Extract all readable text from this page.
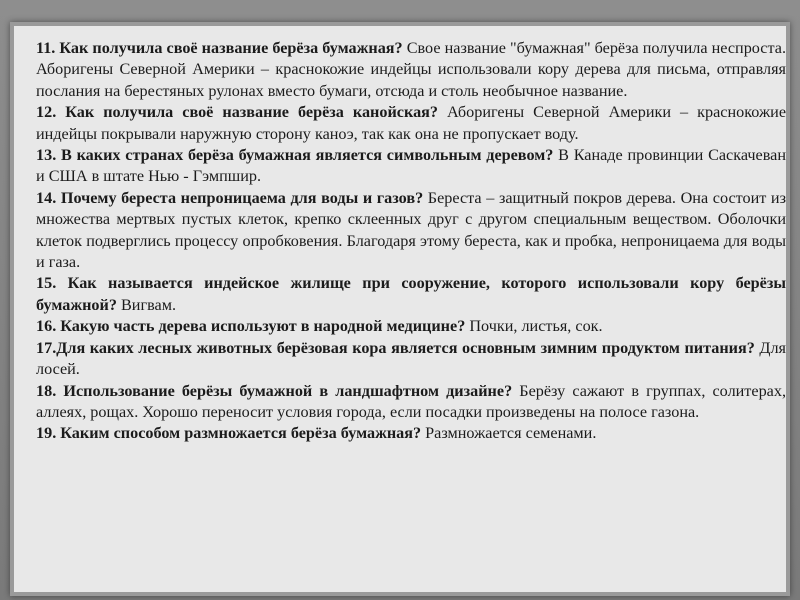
11. Как получила своё название берёза бумажная? Свое название "бумажная" берёза получила неспроста. Аборигены Северной Америки – краснокожие индейцы использовали кору дерева для письма, отправляя послания на берестяных рулонах вместо бумаги, отсюда и столь необычное название.

12. Как получила своё название берёза канойская? Аборигены Северной Америки – краснокожие индейцы покрывали наружную сторону каноэ, так как она не пропускает воду.

13. В каких странах берёза бумажная является символьным деревом? В Канаде провинции Саскачеван и США в штате Нью - Гэмпшир.

14. Почему береста непроницаема для воды и газов? Береста – защитный покров дерева. Она состоит из множества мертвых пустых клеток, крепко склеенных друг с другом специальным веществом. Оболочки клеток подверглись процессу опробковения. Благодаря этому береста, как и пробка, непроницаема для воды и газа.

15. Как называется индейское жилище при сооружение, которого использовали кору берёзы бумажной? Вигвам.

16. Какую часть дерева используют в народной медицине? Почки, листья, сок.

17.Для каких лесных животных берёзовая кора является основным зимним продуктом питания? Для лосей.

18. Использование берёзы бумажной в ландшафтном дизайне? Берёзу сажают в группах, солитерах, аллеях, рощах. Хорошо переносит условия города, если посадки произведены на полосе газона.

19. Каким способом размножается берёза бумажная? Размножается семенами.
